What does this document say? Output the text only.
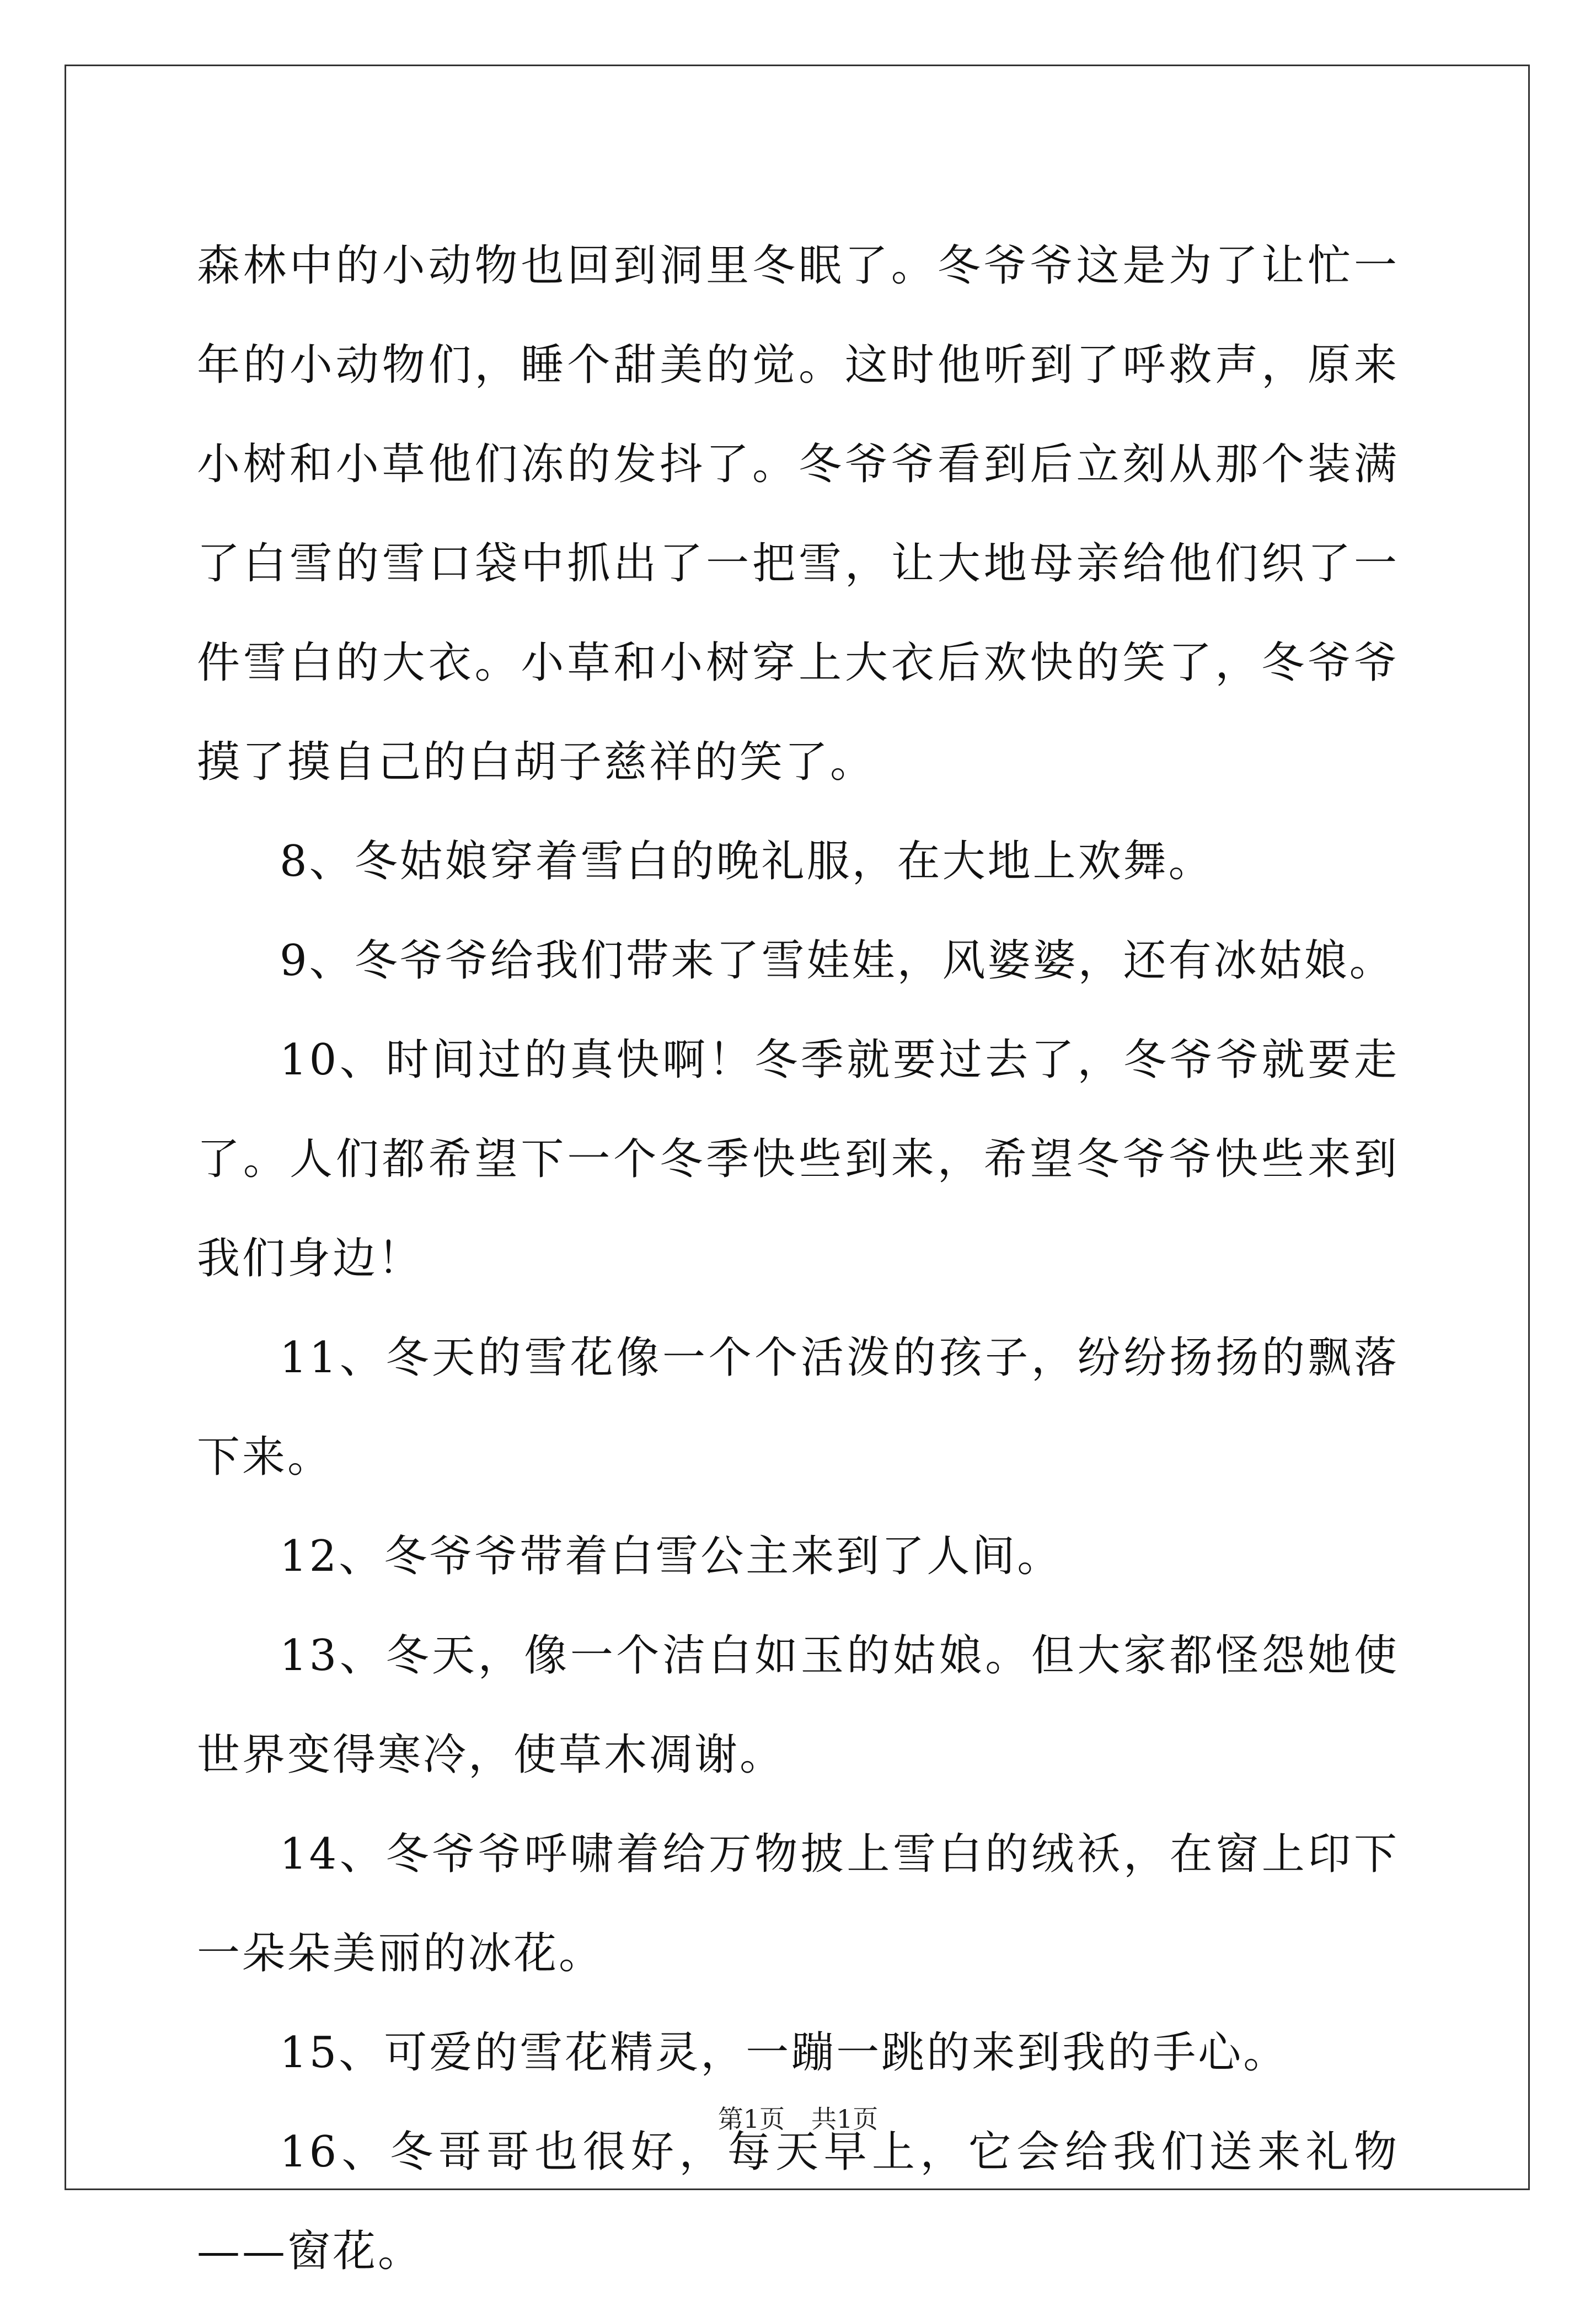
森林中的小动物也回到洞里冬眠了。冬爷爷这是为了让忙一年的小动物们，睡个甜美的觉。这时他听到了呼救声，原来小树和小草他们冻的发抖了。冬爷爷看到后立刻从那个装满了白雪的雪口袋中抓出了一把雪，让大地母亲给他们织了一件雪白的大衣。小草和小树穿上大衣后欢快的笑了，冬爷爷摸了摸自己的白胡子慈祥的笑了。

8、冬姑娘穿着雪白的晚礼服，在大地上欢舞。

9、冬爷爷给我们带来了雪娃娃，风婆婆，还有冰姑娘。

10、时间过的真快啊！冬季就要过去了，冬爷爷就要走了。人们都希望下一个冬季快些到来，希望冬爷爷快些来到我们身边！

11、冬天的雪花像一个个活泼的孩子，纷纷扬扬的飘落下来。

12、冬爷爷带着白雪公主来到了人间。

13、冬天，像一个洁白如玉的姑娘。但大家都怪怨她使世界变得寒冷，使草木凋谢。

14、冬爷爷呼啸着给万物披上雪白的绒袄，在窗上印下一朵朵美丽的冰花。

15、可爱的雪花精灵，一蹦一跳的来到我的手心。

16、冬哥哥也很好，每天早上，它会给我们送来礼物——窗花。

第1页 共1页
